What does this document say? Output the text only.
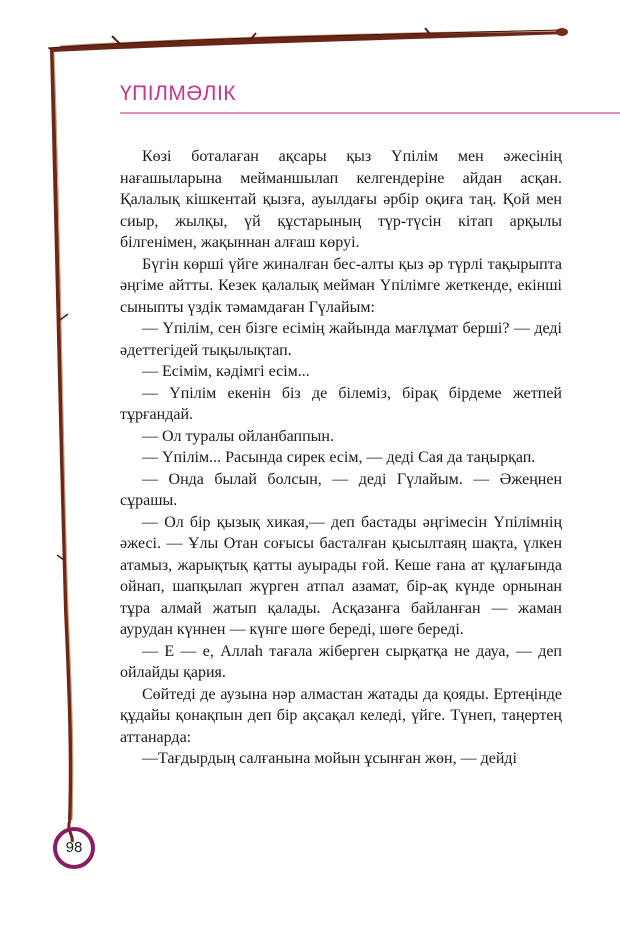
ҮПІЛМӘЛІК

Көзі боталаған ақсары қыз Үпілім мен әжесінің нағашыларына мейманшылап келгендеріне айдан асқан. Қалалық кішкентай қызға, ауылдағы әрбір оқиға таң. Қой мен сиыр, жылқы, үй құстарының түр-түсін кітап арқылы білгенімен, жақыннан алғаш көруі.

Бүгін көрші үйге жиналған бес-алты қыз әр түрлі тақырыпта әңгіме айтты. Кезек қалалық мейман Үпілімге жеткенде, екінші сыныпты үздік тәмамдаған Гүлайым:

— Үпілім, сен бізге есімің жайында мағлұмат берші? — деді әдеттегідей тықылықтап.

— Есімім, кәдімгі есім...

— Үпілім екенін біз де білеміз, бірақ бірдеме жетпей тұрғандай.

— Ол туралы ойланбаппын.

— Үпілім... Расында сирек есім, — деді Сая да таңырқап.

— Онда былай болсын, — деді Гүлайым. — Әжеңнен сұрашы.

— Ол бір қызық хикая,— деп бастады әңгімесін Үпілімнің әжесі. — Ұлы Отан соғысы басталған қысылтаяң шақта, үлкен атамыз, жарықтық қатты ауырады ғой. Кеше ғана ат құлағында ойнап, шапқылап жүрген атпал азамат, бір-ақ күнде орнынан тұра алмай жатып қалады. Асқазанға байланған — жаман аурудан күннен — күнге шөге береді, шөге береді.

— Е — е, Аллаһ тағала жіберген сырқатқа не дауа, — деп ойлайды қария.

Сөйтеді де аузына нәр алмастан жатады да қояды. Ертеңінде құдайы қонақпын деп бір ақсақал келеді, үйге. Түнеп, таңертең аттанарда:

—Тағдырдың салғанына мойын ұсынған жөн, — дейді

98
